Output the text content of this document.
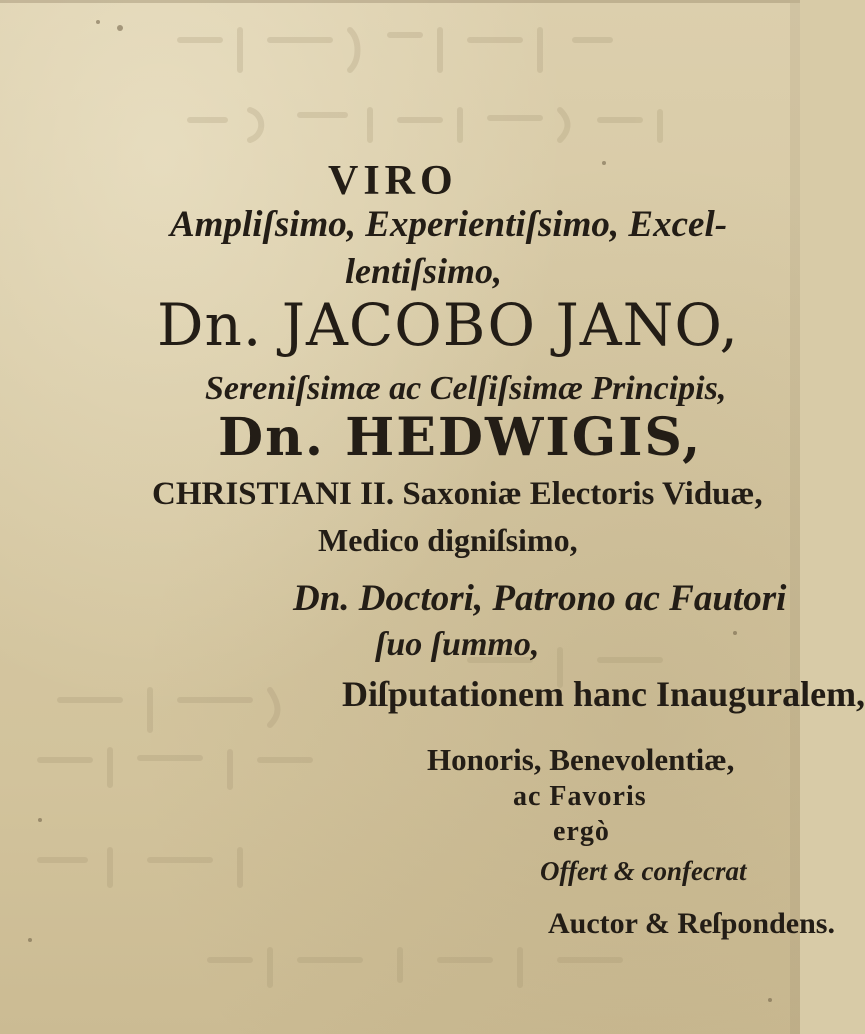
VIRO
Ampliſsimo, Experientiſsimo, Excel-
lentiſsimo,
Dn. JACOBO JANO,
Sereniſsimæ ac Celſiſsimæ Principis,
Dn. HEDWIGIS,
CHRISTIANI II. Saxoniæ Electoris Viduæ,
Medico digniſsimo,
Dn. Doctori, Patrono ac Fautori
ſuo ſummo,
Diſputationem hanc Inauguralem,
Honoris, Benevolentiæ,
ac Favoris
ergò
Offert & confecrat
Auctor & Reſpondens.
